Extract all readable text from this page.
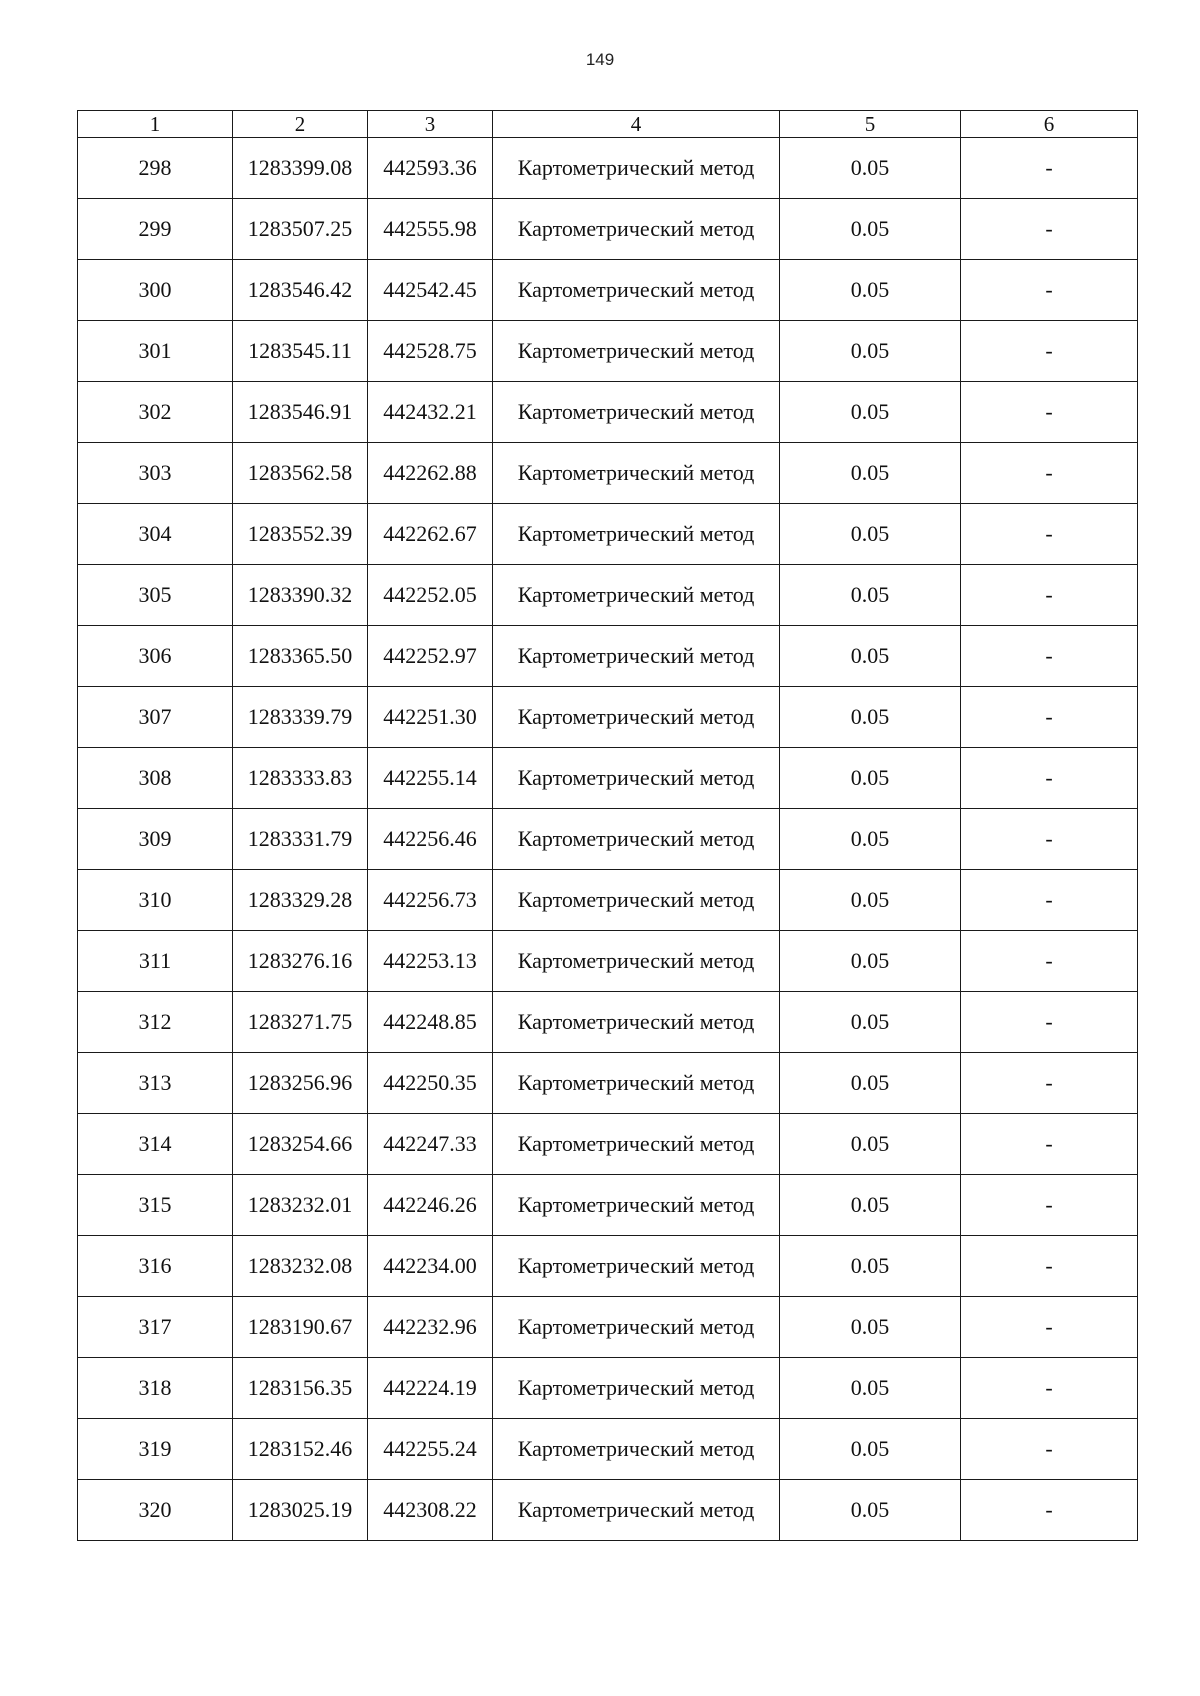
149
1	2	3	4	5	6
298	1283399.08	442593.36	Картометрический метод	0.05	-
299	1283507.25	442555.98	Картометрический метод	0.05	-
300	1283546.42	442542.45	Картометрический метод	0.05	-
301	1283545.11	442528.75	Картометрический метод	0.05	-
302	1283546.91	442432.21	Картометрический метод	0.05	-
303	1283562.58	442262.88	Картометрический метод	0.05	-
304	1283552.39	442262.67	Картометрический метод	0.05	-
305	1283390.32	442252.05	Картометрический метод	0.05	-
306	1283365.50	442252.97	Картометрический метод	0.05	-
307	1283339.79	442251.30	Картометрический метод	0.05	-
308	1283333.83	442255.14	Картометрический метод	0.05	-
309	1283331.79	442256.46	Картометрический метод	0.05	-
310	1283329.28	442256.73	Картометрический метод	0.05	-
311	1283276.16	442253.13	Картометрический метод	0.05	-
312	1283271.75	442248.85	Картометрический метод	0.05	-
313	1283256.96	442250.35	Картометрический метод	0.05	-
314	1283254.66	442247.33	Картометрический метод	0.05	-
315	1283232.01	442246.26	Картометрический метод	0.05	-
316	1283232.08	442234.00	Картометрический метод	0.05	-
317	1283190.67	442232.96	Картометрический метод	0.05	-
318	1283156.35	442224.19	Картометрический метод	0.05	-
319	1283152.46	442255.24	Картометрический метод	0.05	-
320	1283025.19	442308.22	Картометрический метод	0.05	-
